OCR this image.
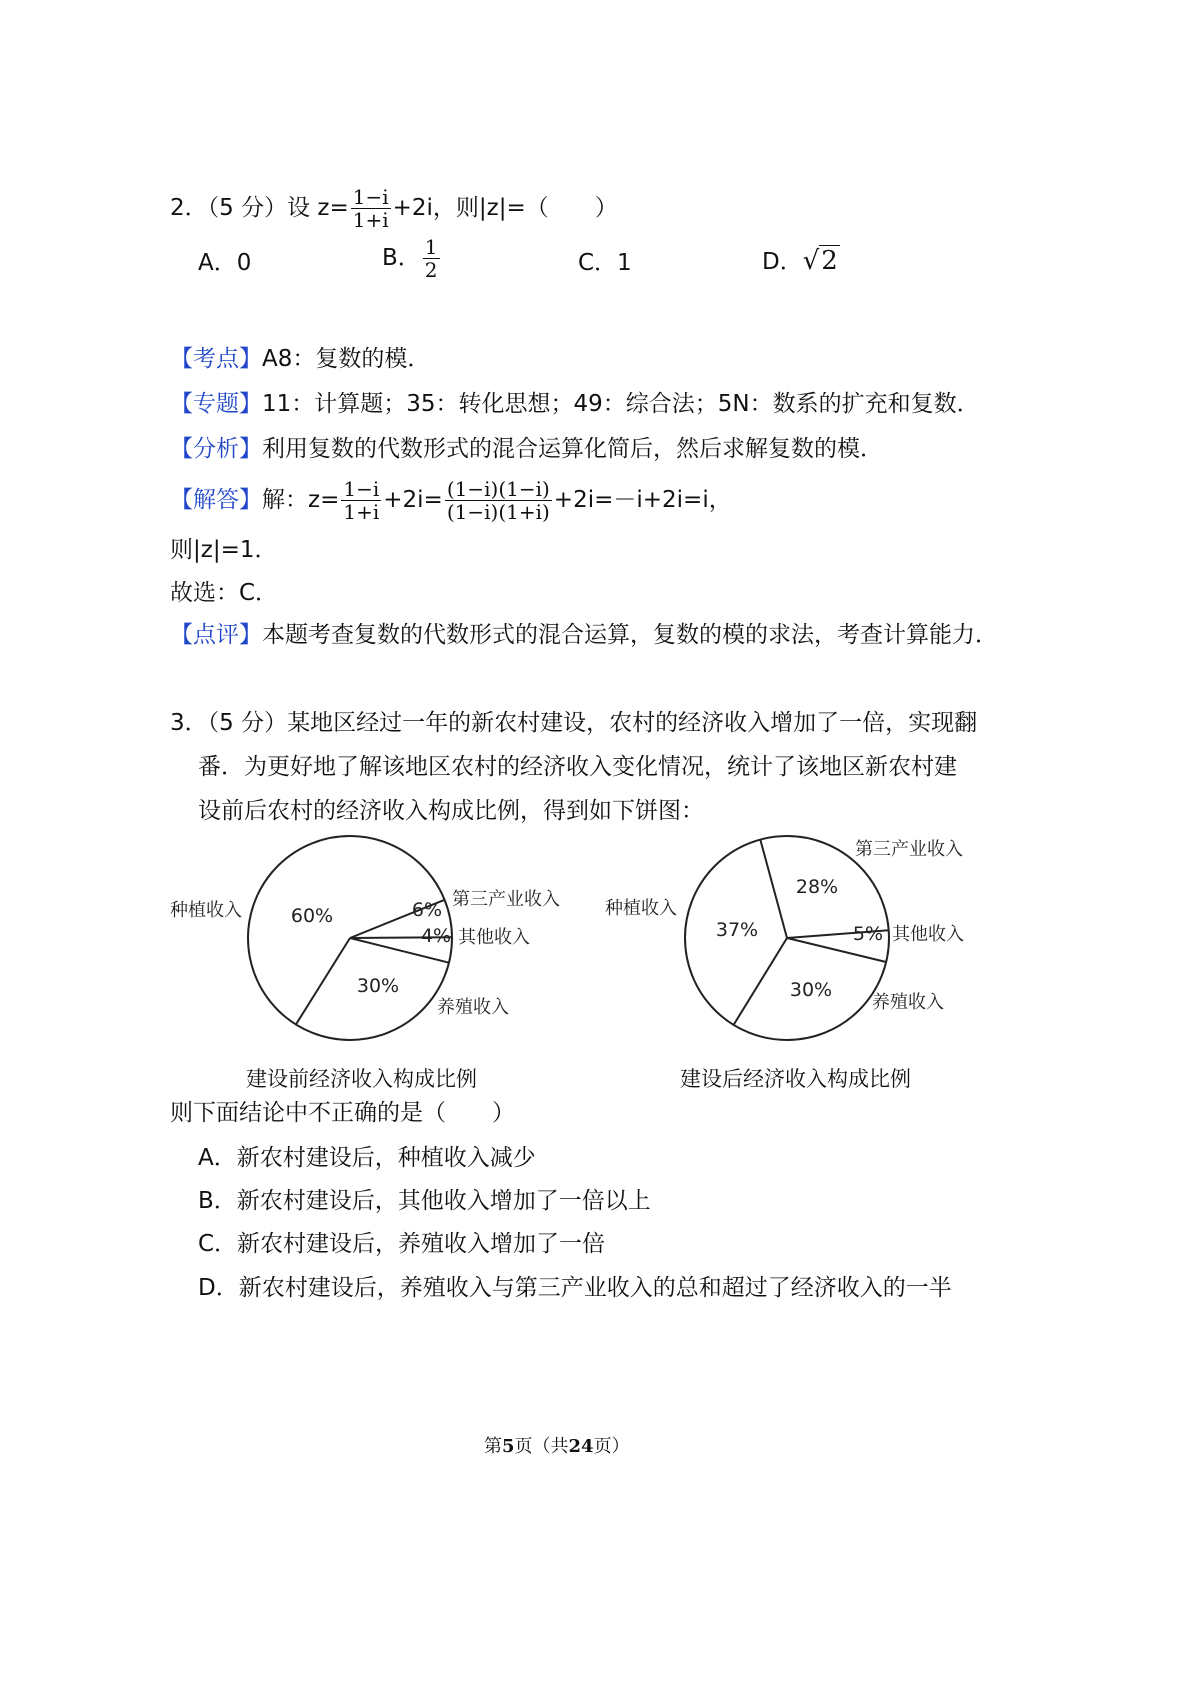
2．（5 分）设 $z= \frac{1-i}{1+i} +2i$，则|z|=（　　）
A．0	B． $\frac{1}{2}$	C．1	D．√2
【考点】A8：复数的模．
【专题】11：计算题；35：转化思想；49：综合法；5N：数系的扩充和复数．
【分析】利用复数的代数形式的混合运算化简后，然后求解复数的模．
【解答】解：$z= \frac{1-i}{1+i} +2i= \frac{(1-i)(1-i)}{(1-i)(1+i)} +2i=-i+2i=i$，
则|z|=1．
故选：C．
【点评】本题考查复数的代数形式的混合运算，复数的模的求法，考查计算能力．
3．（5 分）某地区经过一年的新农村建设，农村的经济收入增加了一倍，实现翻
番．为更好地了解该地区农村的经济收入变化情况，统计了该地区新农村建
设前后农村的经济收入构成比例，得到如下饼图：
60%	6%
4%
30%
种植收入
第三产业收入
其他收入
养殖收入
37%
28%
5%
30%
种植收入
第三产业收入
其他收入
养殖收入
建设前经济收入构成比例	建设后经济收入构成比例
则下面结论中不正确的是（　　）
A．新农村建设后，种植收入减少
B．新农村建设后，其他收入增加了一倍以上
C．新农村建设后，养殖收入增加了一倍
D．新农村建设后，养殖收入与第三产业收入的总和超过了经济收入的一半
第5页（共24页）
